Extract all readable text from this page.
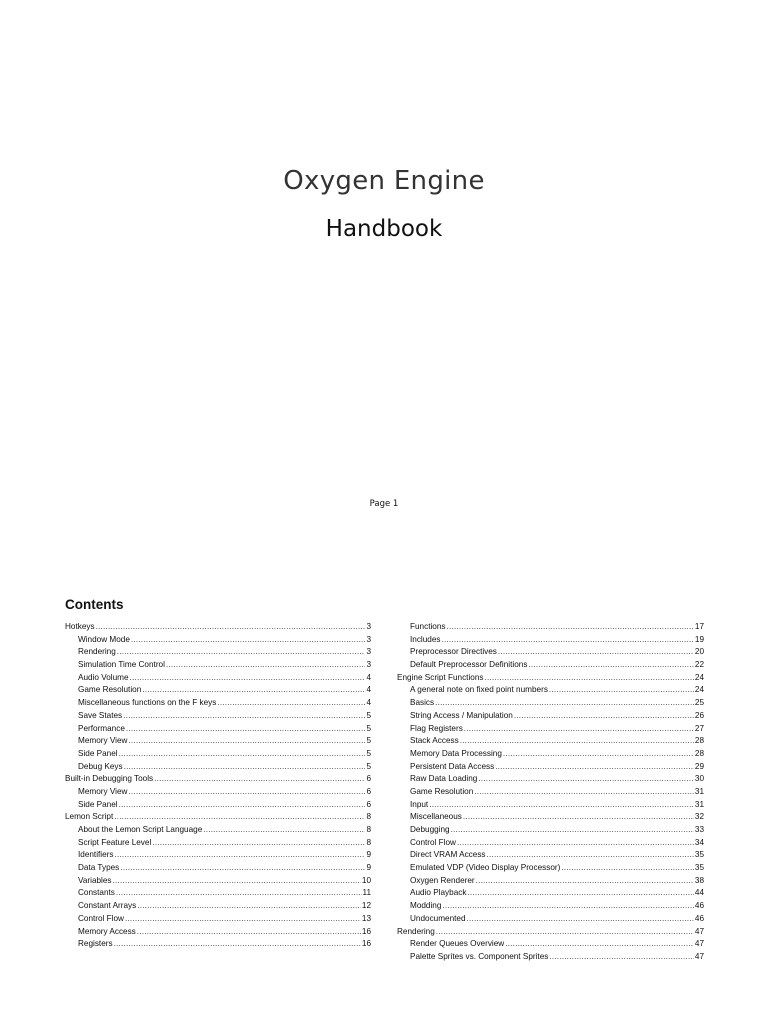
Oxygen Engine
Handbook
Page 1
Contents
Hotkeys .....	3
Window Mode .....	3
Rendering .....	3
Simulation Time Control .....	3
Audio Volume .....	4
Game Resolution .....	4
Miscellaneous functions on the F keys .....	4
Save States .....	5
Performance .....	5
Memory View .....	5
Side Panel .....	5
Debug Keys .....	5
Built-in Debugging Tools .....	6
Memory View .....	6
Side Panel .....	6
Lemon Script .....	8
About the Lemon Script Language .....	8
Script Feature Level .....	8
Identifiers .....	9
Data Types .....	9
Variables .....	10
Constants .....	11
Constant Arrays .....	12
Control Flow .....	13
Memory Access .....	16
Registers .....	16
Functions .....	17
Includes .....	19
Preprocessor Directives .....	20
Default Preprocessor Definitions .....	22
Engine Script Functions .....	24
A general note on fixed point numbers .....	24
Basics .....	25
String Access / Manipulation .....	26
Flag Registers .....	27
Stack Access .....	28
Memory Data Processing .....	28
Persistent Data Access .....	29
Raw Data Loading .....	30
Game Resolution .....	31
Input .....	31
Miscellaneous .....	32
Debugging .....	33
Control Flow .....	34
Direct VRAM Access .....	35
Emulated VDP (Video Display Processor) .....	35
Oxygen Renderer .....	38
Audio Playback .....	44
Modding .....	46
Undocumented .....	46
Rendering .....	47
Render Queues Overview .....	47
Palette Sprites vs. Component Sprites .....	47
